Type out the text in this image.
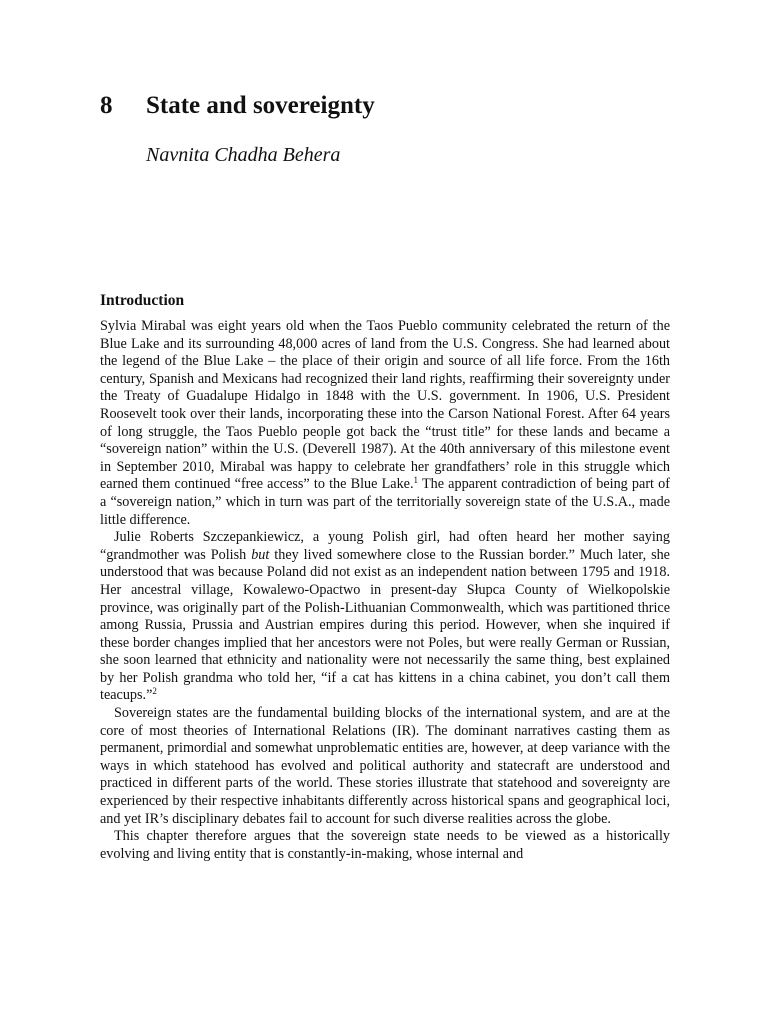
8 State and sovereignty

Navnita Chadha Behera

Introduction

Sylvia Mirabal was eight years old when the Taos Pueblo community celebrated the return of the Blue Lake and its surrounding 48,000 acres of land from the U.S. Congress. She had learned about the legend of the Blue Lake – the place of their origin and source of all life force. From the 16th century, Spanish and Mexicans had recognized their land rights, reaffirming their sovereignty under the Treaty of Guadalupe Hidalgo in 1848 with the U.S. government. In 1906, U.S. President Roosevelt took over their lands, incorporating these into the Carson National Forest. After 64 years of long struggle, the Taos Pueblo people got back the “trust title” for these lands and became a “sovereign nation” within the U.S. (Deverell 1987). At the 40th anniversary of this milestone event in September 2010, Mirabal was happy to celebrate her grandfathers’ role in this struggle which earned them continued “free access” to the Blue Lake.$^1$ The apparent contradiction of being part of a “sovereign nation,” which in turn was part of the territorially sovereign state of the U.S.A., made little difference.

Julie Roberts Szczepankiewicz, a young Polish girl, had often heard her mother saying “grandmother was Polish but they lived somewhere close to the Russian border.” Much later, she understood that was because Poland did not exist as an independent nation between 1795 and 1918. Her ancestral village, Kowalewo-Opactwo in present-day Słupca County of Wielkopolskie province, was originally part of the Polish-Lithuanian Commonwealth, which was partitioned thrice among Russia, Prussia and Austrian empires during this period. However, when she inquired if these border changes implied that her ancestors were not Poles, but were really German or Russian, she soon learned that ethnicity and nationality were not necessarily the same thing, best explained by her Polish grandma who told her, “if a cat has kittens in a china cabinet, you don’t call them teacups.”$^2$

Sovereign states are the fundamental building blocks of the international system, and are at the core of most theories of International Relations (IR). The dominant narratives casting them as permanent, primordial and somewhat unproblematic entities are, however, at deep variance with the ways in which statehood has evolved and political authority and statecraft are understood and practiced in different parts of the world. These stories illustrate that statehood and sovereignty are experienced by their respective inhabitants differently across historical spans and geographical loci, and yet IR’s disciplinary debates fail to account for such diverse realities across the globe.

This chapter therefore argues that the sovereign state needs to be viewed as a historically evolving and living entity that is constantly-in-making, whose internal and
